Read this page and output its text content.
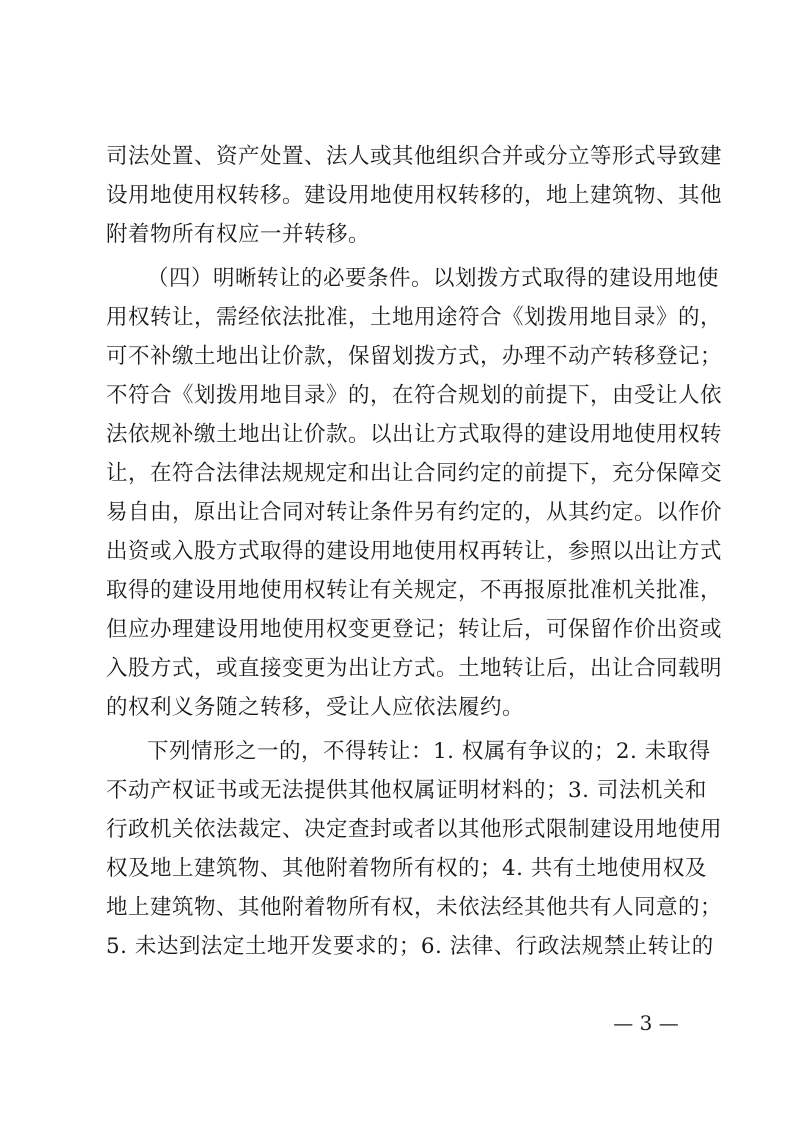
司法处置、资产处置、法人或其他组织合并或分立等形式导致建
设用地使用权转移。建设用地使用权转移的，地上建筑物、其他
附着物所有权应一并转移。
（四）明晰转让的必要条件。以划拨方式取得的建设用地使
用权转让，需经依法批准，土地用途符合《划拨用地目录》的，
可不补缴土地出让价款，保留划拨方式，办理不动产转移登记；
不符合《划拨用地目录》的，在符合规划的前提下，由受让人依
法依规补缴土地出让价款。以出让方式取得的建设用地使用权转
让，在符合法律法规规定和出让合同约定的前提下，充分保障交
易自由，原出让合同对转让条件另有约定的，从其约定。以作价
出资或入股方式取得的建设用地使用权再转让，参照以出让方式
取得的建设用地使用权转让有关规定，不再报原批准机关批准，
但应办理建设用地使用权变更登记；转让后，可保留作价出资或
入股方式，或直接变更为出让方式。土地转让后，出让合同载明
的权利义务随之转移，受让人应依法履约。
下列情形之一的，不得转让：1. 权属有争议的；2. 未取得
不动产权证书或无法提供其他权属证明材料的；3. 司法机关和
行政机关依法裁定、决定查封或者以其他形式限制建设用地使用
权及地上建筑物、其他附着物所有权的；4. 共有土地使用权及
地上建筑物、其他附着物所有权，未依法经其他共有人同意的；
5. 未达到法定土地开发要求的；6. 法律、行政法规禁止转让的
— 3 —
